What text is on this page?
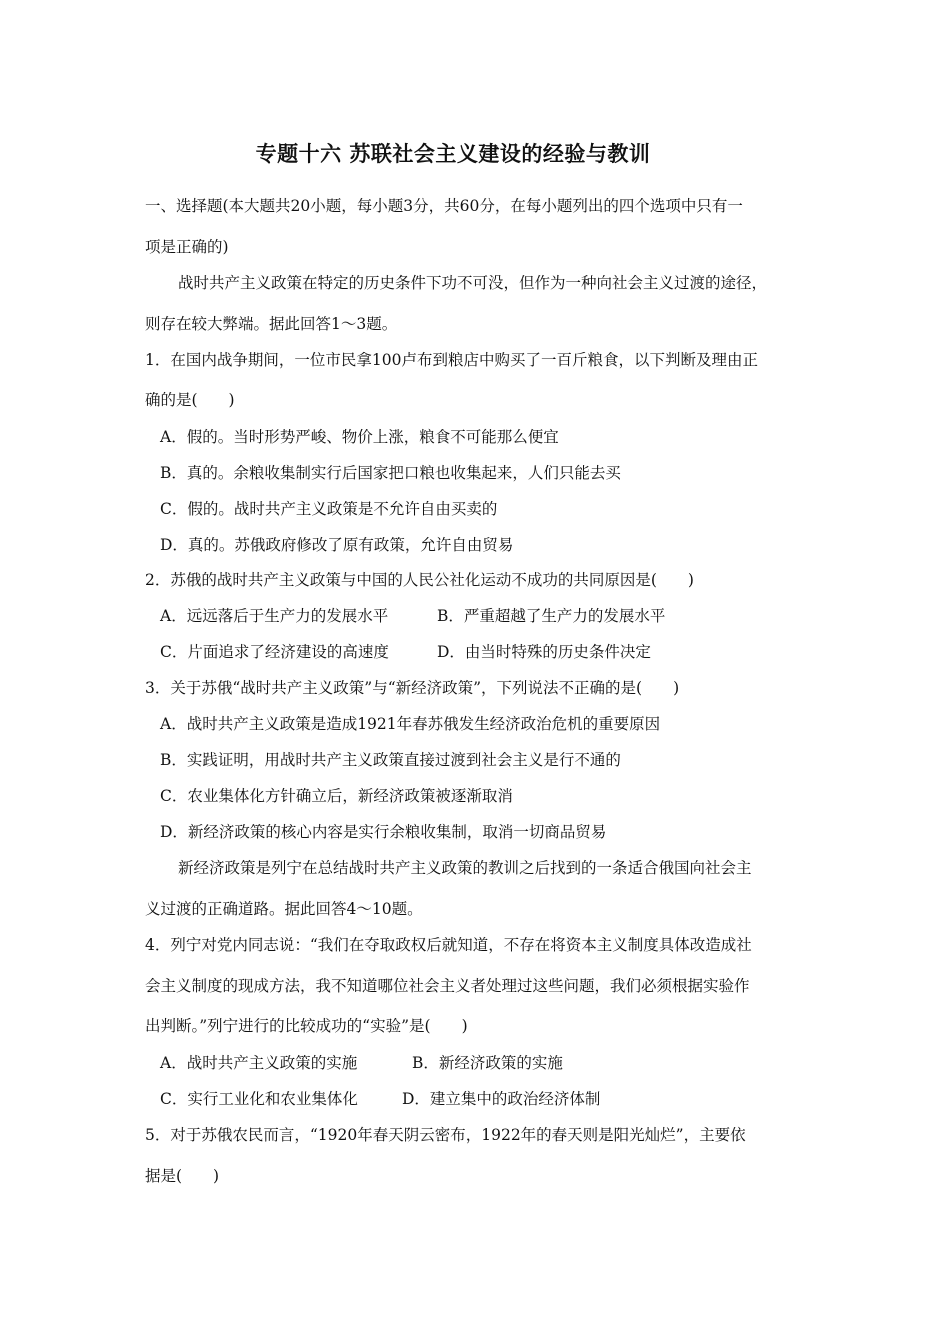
专题十六 苏联社会主义建设的经验与教训
一、选择题(本大题共20小题，每小题3分，共60分，在每小题列出的四个选项中只有一
项是正确的)
战时共产主义政策在特定的历史条件下功不可没，但作为一种向社会主义过渡的途径，
则存在较大弊端。据此回答1～3题。
1．在国内战争期间，一位市民拿100卢布到粮店中购买了一百斤粮食，以下判断及理由正
确的是(　　)
A．假的。当时形势严峻、物价上涨，粮食不可能那么便宜
B．真的。余粮收集制实行后国家把口粮也收集起来，人们只能去买
C．假的。战时共产主义政策是不允许自由买卖的
D．真的。苏俄政府修改了原有政策，允许自由贸易
2．苏俄的战时共产主义政策与中国的人民公社化运动不成功的共同原因是(　　)
A．远远落后于生产力的发展水平	B．严重超越了生产力的发展水平
C．片面追求了经济建设的高速度	D．由当时特殊的历史条件决定
3．关于苏俄“战时共产主义政策”与“新经济政策”，下列说法不正确的是(　　)
A．战时共产主义政策是造成1921年春苏俄发生经济政治危机的重要原因
B．实践证明，用战时共产主义政策直接过渡到社会主义是行不通的
C．农业集体化方针确立后，新经济政策被逐渐取消
D．新经济政策的核心内容是实行余粮收集制，取消一切商品贸易
新经济政策是列宁在总结战时共产主义政策的教训之后找到的一条适合俄国向社会主
义过渡的正确道路。据此回答4～10题。
4．列宁对党内同志说：“我们在夺取政权后就知道，不存在将资本主义制度具体改造成社
会主义制度的现成方法，我不知道哪位社会主义者处理过这些问题，我们必须根据实验作
出判断。”列宁进行的比较成功的“实验”是(　　)
A．战时共产主义政策的实施	B．新经济政策的实施
C．实行工业化和农业集体化	D．建立集中的政治经济体制
5．对于苏俄农民而言，“1920年春天阴云密布，1922年的春天则是阳光灿烂”，主要依
据是(　　)
